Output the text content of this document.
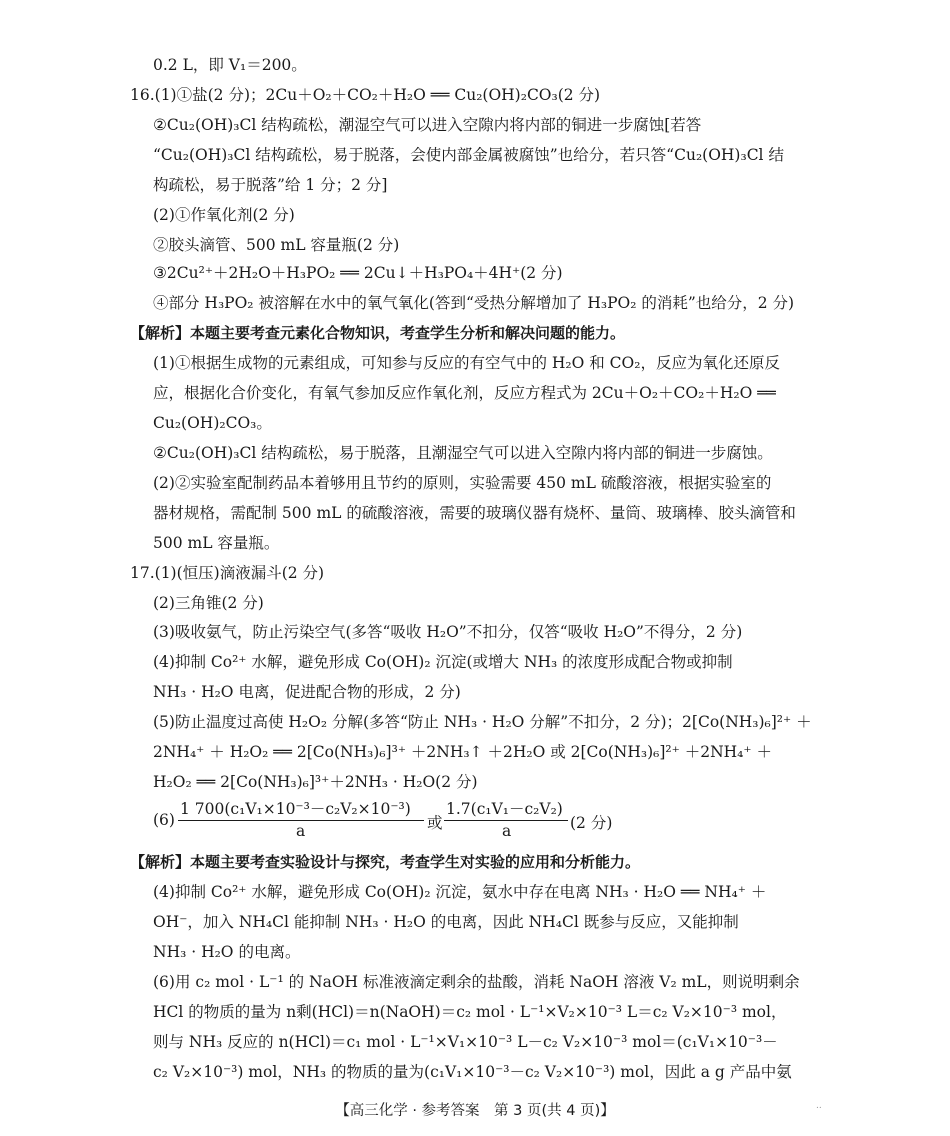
0.2 L，即 V₁＝200。
16.(1)①盐(2 分)；2Cu＋O₂＋CO₂＋H₂O ══ Cu₂(OH)₂CO₃(2 分)
②Cu₂(OH)₃Cl 结构疏松，潮湿空气可以进入空隙内将内部的铜进一步腐蚀[若答
“Cu₂(OH)₃Cl 结构疏松，易于脱落，会使内部金属被腐蚀”也给分，若只答“Cu₂(OH)₃Cl 结
构疏松，易于脱落”给 1 分；2 分]
(2)①作氧化剂(2 分)
②胶头滴管、500 mL 容量瓶(2 分)
③2Cu²⁺＋2H₂O＋H₃PO₂ ══ 2Cu↓＋H₃PO₄＋4H⁺(2 分)
④部分 H₃PO₂ 被溶解在水中的氧气氧化(答到“受热分解增加了 H₃PO₂ 的消耗”也给分，2 分)
【解析】本题主要考查元素化合物知识，考查学生分析和解决问题的能力。
(1)①根据生成物的元素组成，可知参与反应的有空气中的 H₂O 和 CO₂，反应为氧化还原反
应，根据化合价变化，有氧气参加反应作氧化剂，反应方程式为 2Cu＋O₂＋CO₂＋H₂O ══
Cu₂(OH)₂CO₃。
②Cu₂(OH)₃Cl 结构疏松，易于脱落，且潮湿空气可以进入空隙内将内部的铜进一步腐蚀。
(2)②实验室配制药品本着够用且节约的原则，实验需要 450 mL 硫酸溶液，根据实验室的
器材规格，需配制 500 mL 的硫酸溶液，需要的玻璃仪器有烧杯、量筒、玻璃棒、胶头滴管和
500 mL 容量瓶。
17.(1)(恒压)滴液漏斗(2 分)
(2)三角锥(2 分)
(3)吸收氨气，防止污染空气(多答“吸收 H₂O”不扣分，仅答“吸收 H₂O”不得分，2 分)
(4)抑制 Co²⁺ 水解，避免形成 Co(OH)₂ 沉淀(或增大 NH₃ 的浓度形成配合物或抑制
NH₃ · H₂O 电离，促进配合物的形成，2 分)
(5)防止温度过高使 H₂O₂ 分解(多答“防止 NH₃ · H₂O 分解”不扣分，2 分)；2[Co(NH₃)₆]²⁺ ＋
2NH₄⁺ ＋ H₂O₂ ══ 2[Co(NH₃)₆]³⁺ ＋2NH₃↑ ＋2H₂O 或 2[Co(NH₃)₆]²⁺ ＋2NH₄⁺ ＋
H₂O₂ ══ 2[Co(NH₃)₆]³⁺＋2NH₃ · H₂O(2 分)
(6)
1 700(c₁V₁×10⁻³－c₂V₂×10⁻³)
a	或
1.7(c₁V₁－c₂V₂)
a	(2 分)
【解析】本题主要考查实验设计与探究，考查学生对实验的应用和分析能力。
(4)抑制 Co²⁺ 水解，避免形成 Co(OH)₂ 沉淀，氨水中存在电离 NH₃ · H₂O ══ NH₄⁺ ＋
OH⁻，加入 NH₄Cl 能抑制 NH₃ · H₂O 的电离，因此 NH₄Cl 既参与反应，又能抑制
NH₃ · H₂O 的电离。
(6)用 c₂ mol · L⁻¹ 的 NaOH 标准液滴定剩余的盐酸，消耗 NaOH 溶液 V₂ mL，则说明剩余
HCl 的物质的量为 n剩(HCl)＝n(NaOH)＝c₂ mol · L⁻¹×V₂×10⁻³ L＝c₂ V₂×10⁻³ mol，
则与 NH₃ 反应的 n(HCl)＝c₁ mol · L⁻¹×V₁×10⁻³ L－c₂ V₂×10⁻³ mol＝(c₁V₁×10⁻³－
c₂ V₂×10⁻³) mol，NH₃ 的物质的量为(c₁V₁×10⁻³－c₂ V₂×10⁻³) mol，因此 a g 产品中氨
【高三化学 · 参考答案　第 3 页(共 4 页)】	..
